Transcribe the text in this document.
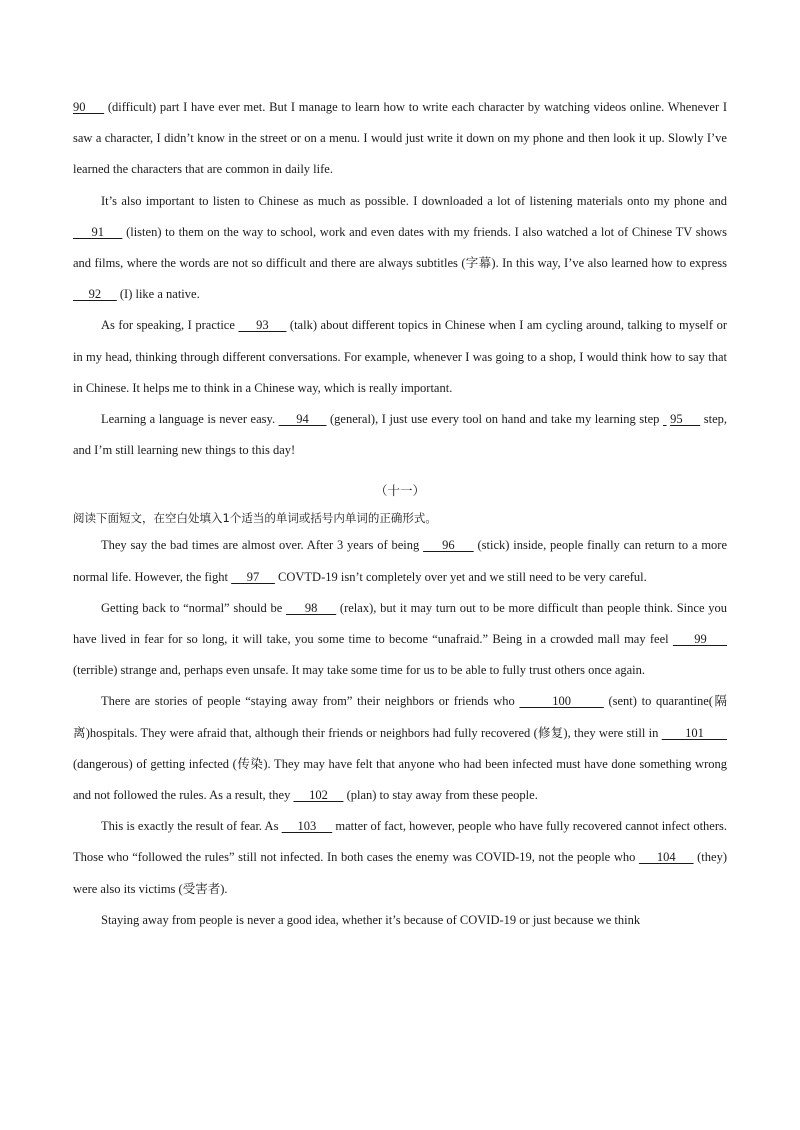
90      (difficult) part I have ever met. But I manage to learn how to write each character by watching videos online. Whenever I saw a character, I didn’t know in the street or on a menu. I would just write it down on my phone and then look it up. Slowly I’ve learned the characters that are common in daily life.

It’s also important to listen to Chinese as much as possible. I downloaded a lot of listening materials onto my phone and      91      (listen) to them on the way to school, work and even dates with my friends. I also watched a lot of Chinese TV shows and films, where the words are not so difficult and there are always subtitles (字幕). In this way, I’ve also learned how to express      92      (I) like a native.

As for speaking, I practice      93      (talk) about different topics in Chinese when I am cycling around, talking to myself or in my head, thinking through different conversations. For example, whenever I was going to a shop, I would think how to say that in Chinese. It helps me to think in a Chinese way, which is really important.

Learning a language is never easy.      94      (general), I just use every tool on hand and take my learning step   95      step, and I’m still learning new things to this day!

（十一）

阅读下面短文，在空白处填入1个适当的单词或括号内单词的正确形式。

They say the bad times are almost over. After 3 years of being      96      (stick) inside, people finally can return to a more normal life. However, the fight      97      COVTD-19 isn’t completely over yet and we still need to be very careful.

Getting back to “normal” should be      98      (relax), but it may turn out to be more difficult than people think. Since you have lived in fear for so long, it will take, you some time to become “unafraid.” Being in a crowded mall may feel      99      (terrible) strange and, perhaps even unsafe. It may take some time for us to be able to fully trust others once again.

There are stories of people “staying away from” their neighbors or friends who        100        (sent) to quarantine(隔离)hospitals. They were afraid that, although their friends or neighbors had fully recovered (修复), they were still in        101        (dangerous) of getting infected (传染). They may have felt that anyone who had been infected must have done something wrong and not followed the rules. As a result, they      102      (plan) to stay away from these people.

This is exactly the result of fear. As      103      matter of fact, however, people who have fully recovered cannot infect others. Those who “followed the rules” still not infected. In both cases the enemy was COVID-19, not the people who      104      (they) were also its victims (受害者).

Staying away from people is never a good idea, whether it’s because of COVID-19 or just because we think
